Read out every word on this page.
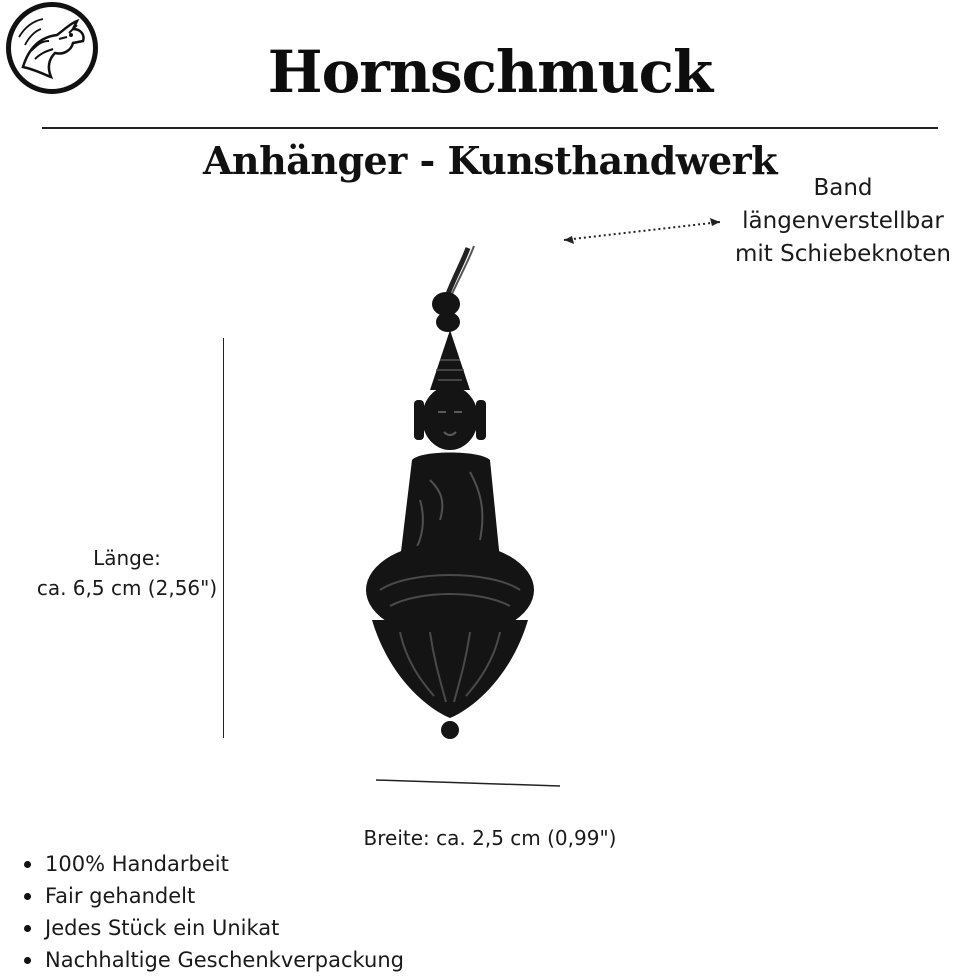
Hornschmuck
Anhänger - Kunsthandwerk
Band
längenverstellbar
mit Schiebeknoten
Länge:
ca. 6,5 cm (2,56")
Breite: ca. 2,5 cm (0,99")
100% Handarbeit
Fair gehandelt
Jedes Stück ein Unikat
Nachhaltige Geschenkverpackung
